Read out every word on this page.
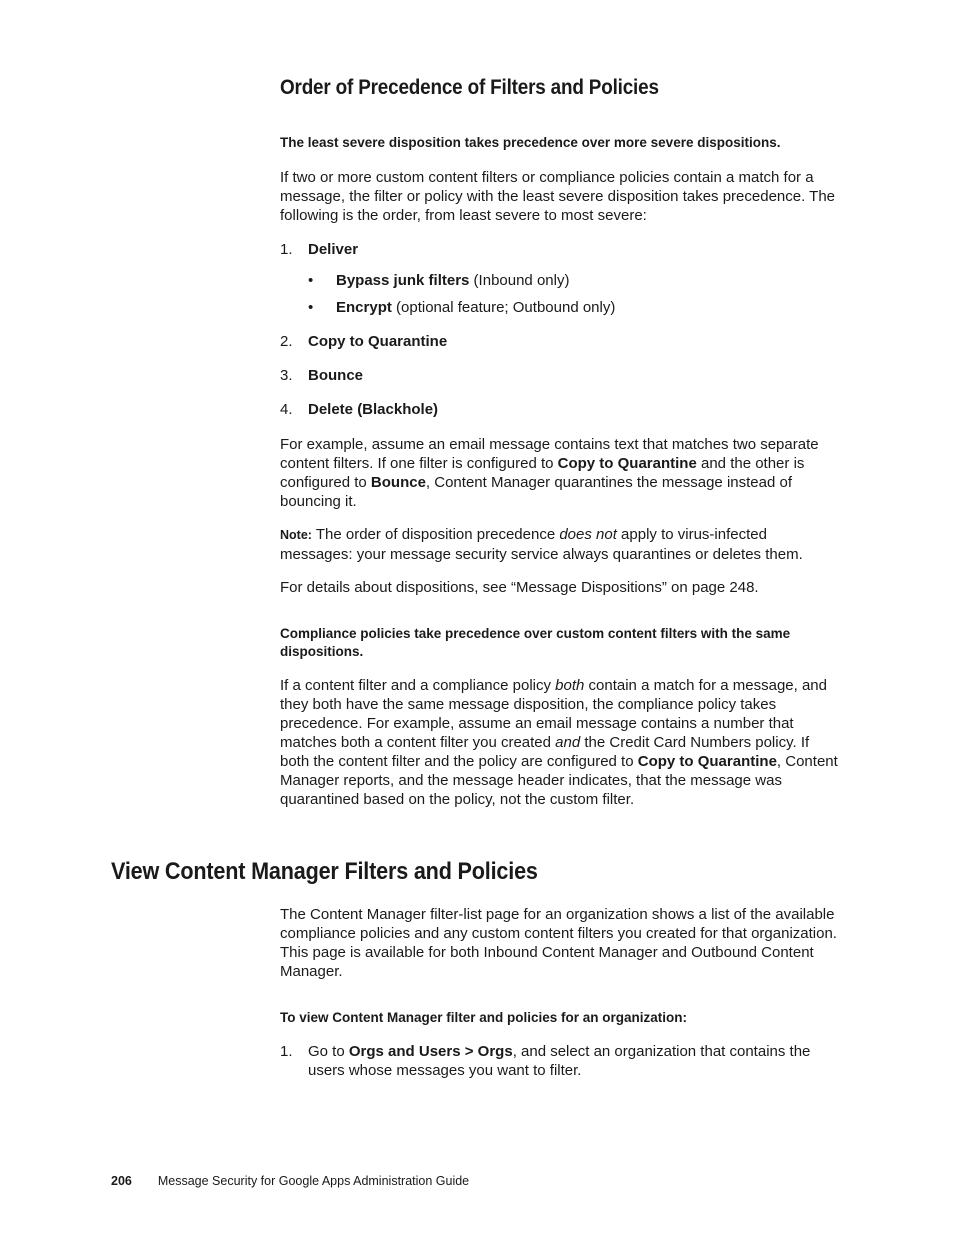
Order of Precedence of Filters and Policies

The least severe disposition takes precedence over more severe dispositions.

If two or more custom content filters or compliance policies contain a match for a message, the filter or policy with the least severe disposition takes precedence. The following is the order, from least severe to most severe:

1. Deliver
• Bypass junk filters (Inbound only)
• Encrypt (optional feature; Outbound only)
2. Copy to Quarantine
3. Bounce
4. Delete (Blackhole)

For example, assume an email message contains text that matches two separate content filters. If one filter is configured to Copy to Quarantine and the other is configured to Bounce, Content Manager quarantines the message instead of bouncing it.

Note: The order of disposition precedence does not apply to virus-infected messages: your message security service always quarantines or deletes them.

For details about dispositions, see “Message Dispositions” on page 248.

Compliance policies take precedence over custom content filters with the same dispositions.

If a content filter and a compliance policy both contain a match for a message, and they both have the same message disposition, the compliance policy takes precedence. For example, assume an email message contains a number that matches both a content filter you created and the Credit Card Numbers policy. If both the content filter and the policy are configured to Copy to Quarantine, Content Manager reports, and the message header indicates, that the message was quarantined based on the policy, not the custom filter.

View Content Manager Filters and Policies

The Content Manager filter-list page for an organization shows a list of the available compliance policies and any custom content filters you created for that organization. This page is available for both Inbound Content Manager and Outbound Content Manager.

To view Content Manager filter and policies for an organization:

1. Go to Orgs and Users > Orgs, and select an organization that contains the users whose messages you want to filter.
206 Message Security for Google Apps Administration Guide
